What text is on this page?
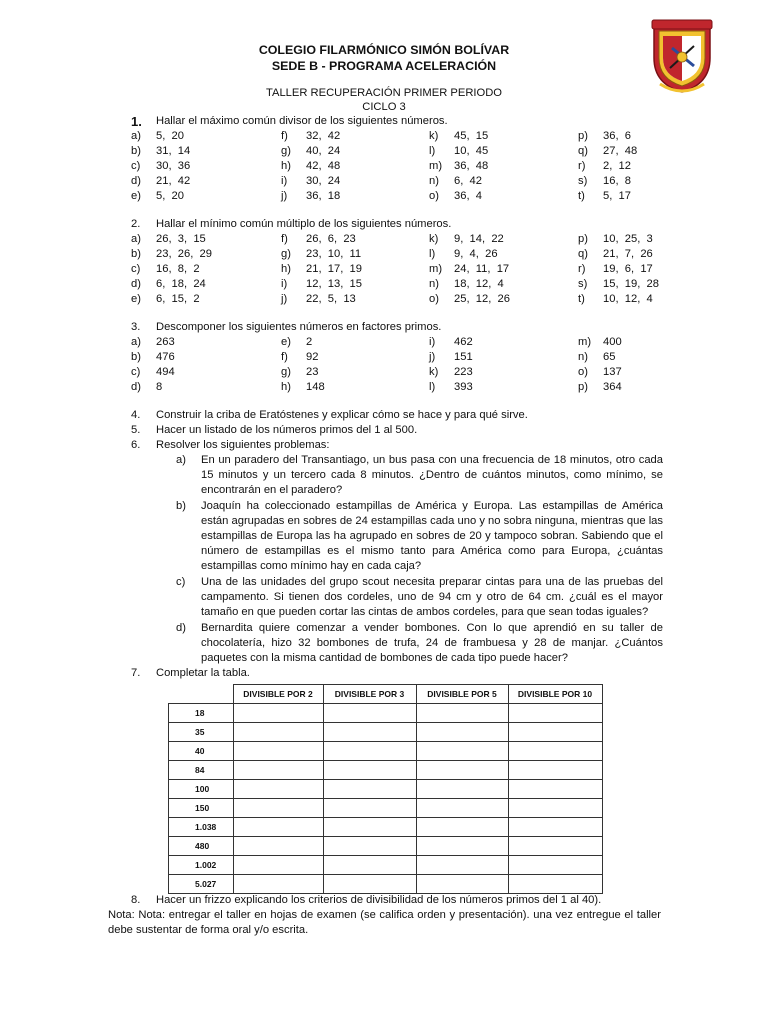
COLEGIO FILARMÓNICO SIMÓN BOLÍVAR
SEDE B - PROGRAMA ACELERACIÓN
TALLER RECUPERACIÓN PRIMER PERIODO
CICLO 3
1.	Hallar el máximo común divisor de los siguientes números.
a) 5,  20	f) 32,  42	k) 45,  15	p) 36,  6
b) 31,  14	g) 40,  24	l) 10,  45	q) 27,  48
c) 30,  36	h) 42,  48	m) 36,  48	r) 2,  12
d) 21,  42	i) 30,  24	n) 6,  42	s) 16,  8
e) 5,  20	j) 36,  18	o) 36,  4	t) 5,  17
2.	Hallar el mínimo común múltiplo de los siguientes números.
a) 26,  3,  15	f) 26,  6,  23	k) 9,  14,  22	p) 10,  25,  3
b) 23,  26,  29	g) 23,  10,  11	l) 9,  4,  26	q) 21,  7,  26
c) 16,  8,  2	h) 21,  17,  19	m) 24,  11,  17	r) 19,  6,  17
d) 6,  18,  24	i) 12,  13,  15	n) 18,  12,  4	s) 15,  19,  28
e) 6,  15,  2	j) 22,  5,  13	o) 25,  12,  26	t) 10,  12,  4
3.	Descomponer los siguientes números en factores primos.
a) 263	e) 2	i) 462	m) 400
b) 476	f) 92	j) 151	n) 65
c) 494	g) 23	k) 223	o) 137
d) 8	h) 148	l) 393	p) 364
4.	Construir la criba de Eratóstenes y explicar cómo se hace y para qué sirve.
5.	Hacer un listado de los números primos del 1 al 500.
6.	Resolver los siguientes problemas:
a)	En un paradero del Transantiago, un bus pasa con una frecuencia de 18 minutos, otro cada 15 minutos y un tercero cada 8 minutos. ¿Dentro de cuántos minutos, como mínimo, se encontrarán en el paradero?
b)	Joaquín ha coleccionado estampillas de América y Europa. Las estampillas de América están agrupadas en sobres de 24 estampillas cada uno y no sobra ninguna, mientras que las estampillas de Europa las ha agrupado en sobres de 20 y tampoco sobran. Sabiendo que el número de estampillas es el mismo tanto para América como para Europa, ¿cuántas estampillas como mínimo hay en cada caja?
c)	Una de las unidades del grupo scout necesita preparar cintas para una de las pruebas del campamento. Si tienen dos cordeles, uno de 94 cm y otro de 64 cm. ¿cuál es el mayor tamaño en que pueden cortar las cintas de ambos cordeles, para que sean todas iguales?
d)	Bernardita quiere comenzar a vender bombones. Con lo que aprendió en su taller de chocolatería, hizo 32 bombones de trufa, 24 de frambuesa y 28 de manjar. ¿Cuántos paquetes con la misma cantidad de bombones de cada tipo puede hacer?
7.	Completar la tabla.
	DIVISIBLE POR 2	DIVISIBLE POR 3	DIVISIBLE POR 5	DIVISIBLE POR 10
18				
35				
40				
84				
100				
150				
1.038				
480				
1.002				
5.027				
8.	Hacer un frizzo explicando los criterios de divisibilidad de los números primos del 1 al 40).
Nota: Nota: entregar el taller en hojas de examen (se califica orden y presentación). una vez entregue el taller debe sustentar de forma oral y/o escrita.
